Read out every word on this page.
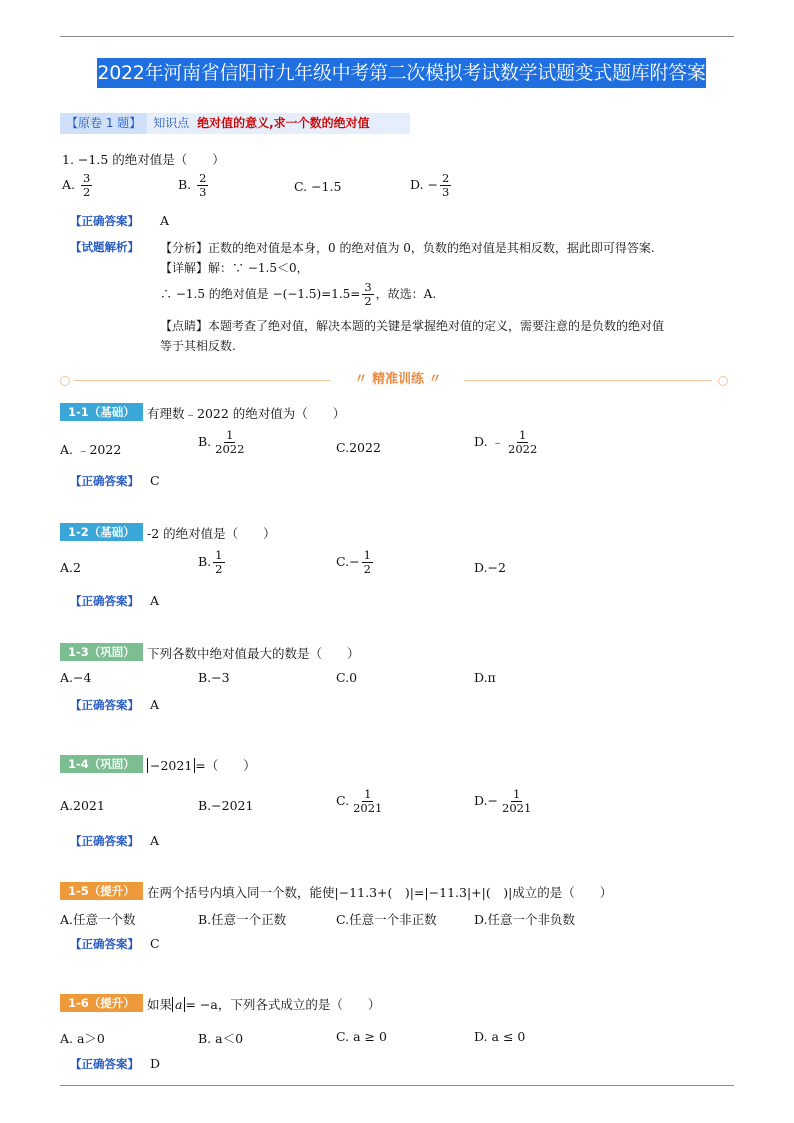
2022年河南省信阳市九年级中考第二次模拟考试数学试题变式题库附答案
【原卷 1 题】 知识点 绝对值的意义,求一个数的绝对值
1. −1.5 的绝对值是（　　）
A. $\frac{3}{2}$	B. $\frac{2}{3}$	C. −1.5	D. − $\frac{2}{3}$
【正确答案】 A
【试题解析】 【分析】正数的绝对值是本身，0 的绝对值为 0，负数的绝对值是其相反数，据此即可得答案.
【详解】解：∵ −1.5＜0，
∴ −1.5 的绝对值是 $-(-1.5)=1.5= \frac{3}{2}$ ，故选：A.
【点睛】本题考查了绝对值，解决本题的关键是掌握绝对值的定义，需要注意的是负数的绝对值
等于其相反数.
〃 精准训练 〃
1-1（基础） 有理数﹣2022 的绝对值为（　　）
A. ﹣2022
B. $\frac{1}{2022}$	C.2022	D. ﹣ $\frac{1}{2022}$
【正确答案】 C
1-2（基础） -2 的绝对值是（　　）
A.2	B. $\frac{1}{2}$	$C.- \frac{1}{2}$	D.−2
【正确答案】 A
1-3（巩固） 下列各数中绝对值最大的数是（　　）
A.−4	B.−3	C.0	D.π
【正确答案】 A
1-4（巩固）	−2021 =（　　）
A.2021	B.−2021	C. $\frac{1}{2021}$	$D.- \frac{1}{2021}$
【正确答案】 A
1-5（提升） 在两个括号内填入同一个数，能使|−11.3+(　)|=|−11.3|+|(　)|成立的是（　　）
A.任意一个数	B.任意一个正数	C.任意一个非正数	D.任意一个非负数
【正确答案】 C
1-6（提升） 如果 a = −a，下列各式成立的是（　　）
A. a＞0	B. a＜0	C. a ≥ 0	D. a ≤ 0
【正确答案】 D
